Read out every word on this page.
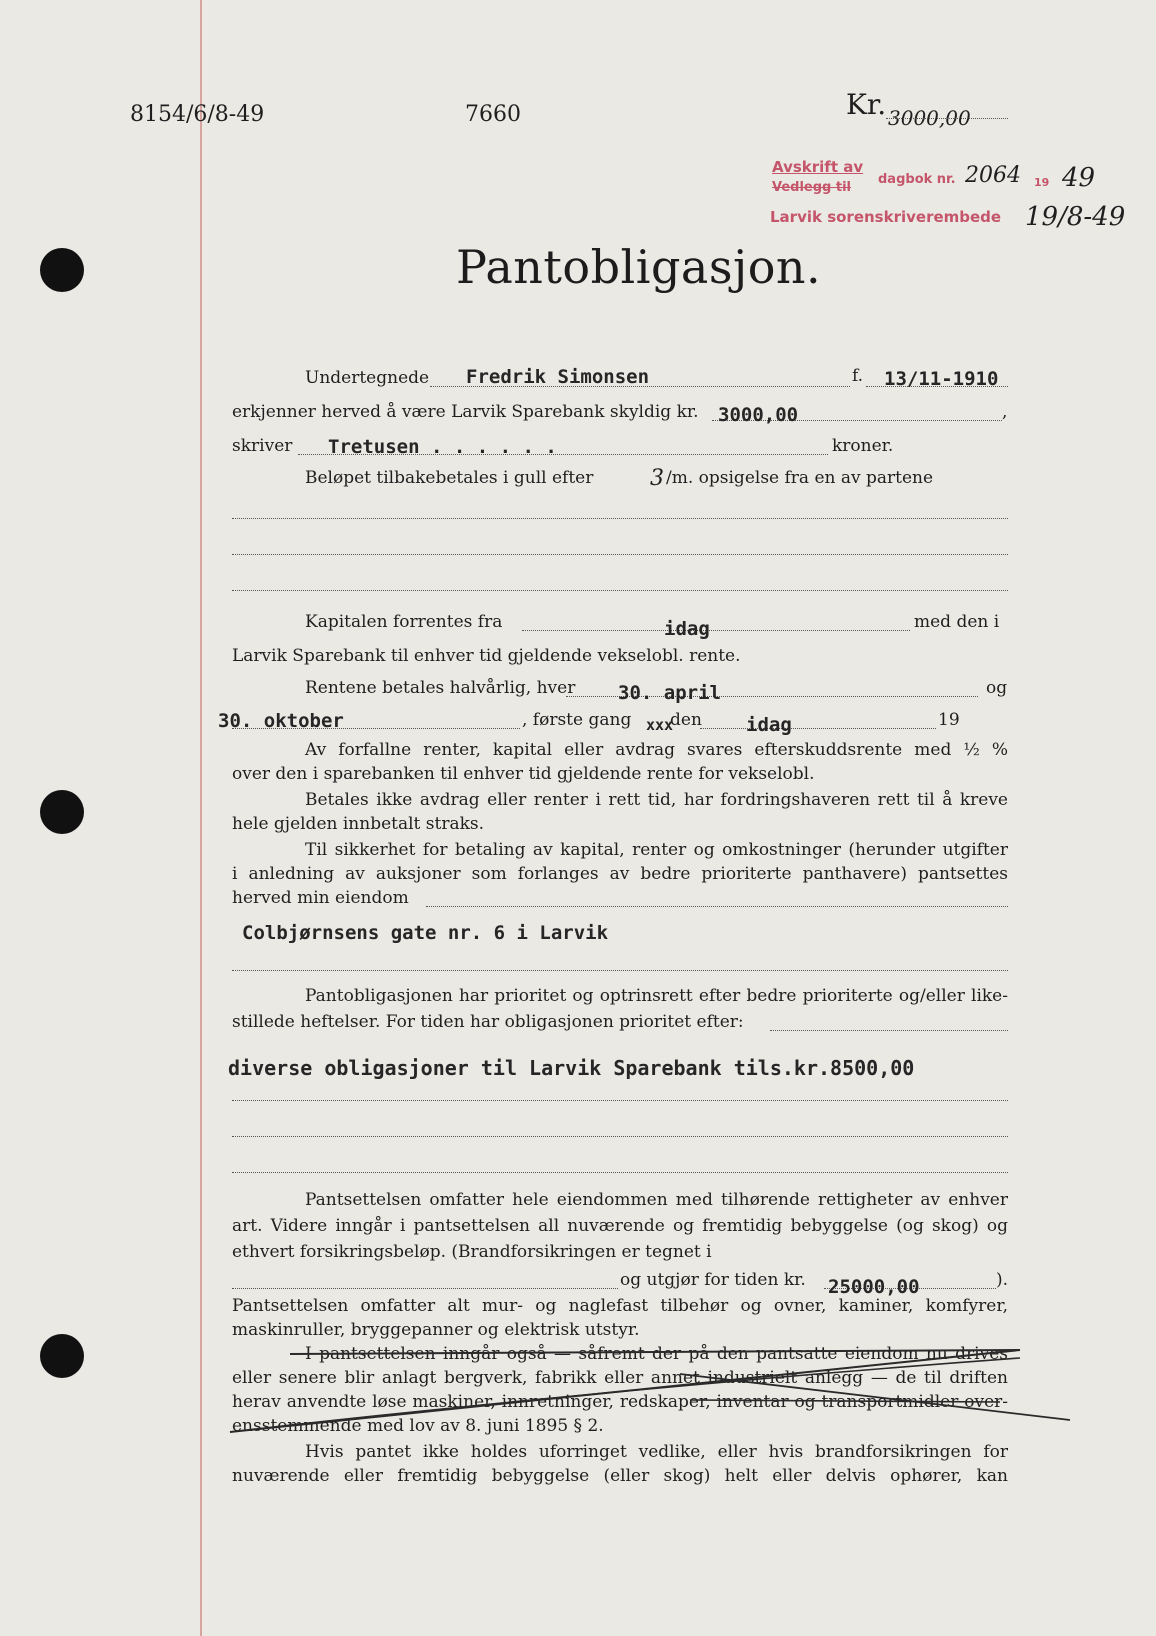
8154/6/8-49	7660	Kr. 3000,00
Avskrift av
dagbok nr. 2064 19 49
Vedlegg til
Larvik sorenskriverembede 19/8-49
Pantobligasjon.
Undertegnede Fredrik Simonsen	f. 13/11-1910
erkjenner herved å være Larvik Sparebank skyldig kr. 3000,00	,
skriver Tretusen . . . . . .	kroner.
Beløpet tilbakebetales i gull efter	3 /m. opsigelse fra en av partene
Kapitalen forrentes fra	idag	med den i
Larvik Sparebank til enhver tid gjeldende vekselobl. rente.
Rentene betales halvårlig, hver 30. april	og
30. oktober	, første gang den
xxx	idag	19
Av forfallne renter, kapital eller avdrag svares efterskuddsrente med ½ %
over den i sparebanken til enhver tid gjeldende rente for vekselobl.
Betales ikke avdrag eller renter i rett tid, har fordringshaveren rett til å kreve
hele gjelden innbetalt straks.
Til sikkerhet for betaling av kapital, renter og omkostninger (herunder utgifter
i anledning av auksjoner som forlanges av bedre prioriterte panthavere) pantsettes
herved min eiendom
Colbjørnsens gate nr. 6 i Larvik
Pantobligasjonen har prioritet og optrinsrett efter bedre prioriterte og/eller like-
stillede heftelser. For tiden har obligasjonen prioritet efter:
diverse obligasjoner til Larvik Sparebank tils.kr.8500,00
Pantsettelsen omfatter hele eiendommen med tilhørende rettigheter av enhver
art. Videre inngår i pantsettelsen all nuværende og fremtidig bebyggelse (og skog) og
ethvert forsikringsbeløp. (Brandforsikringen er tegnet i
og utgjør for tiden kr. 25000,00	).
Pantsettelsen omfatter alt mur- og naglefast tilbehør og ovner, kaminer, komfyrer,
maskinruller, bryggepanner og elektrisk utstyr.
I pantsettelsen inngår også — såfremt der på den pantsatte eiendom nu drives
eller senere blir anlagt bergverk, fabrikk eller annet industrielt anlegg — de til driften
herav anvendte løse maskiner, innretninger, redskaper, inventar og transportmidler over-
ensstemmende med lov av 8. juni 1895 § 2.
Hvis pantet ikke holdes uforringet vedlike, eller hvis brandforsikringen for
nuværende eller fremtidig bebyggelse (eller skog) helt eller delvis ophører, kan
